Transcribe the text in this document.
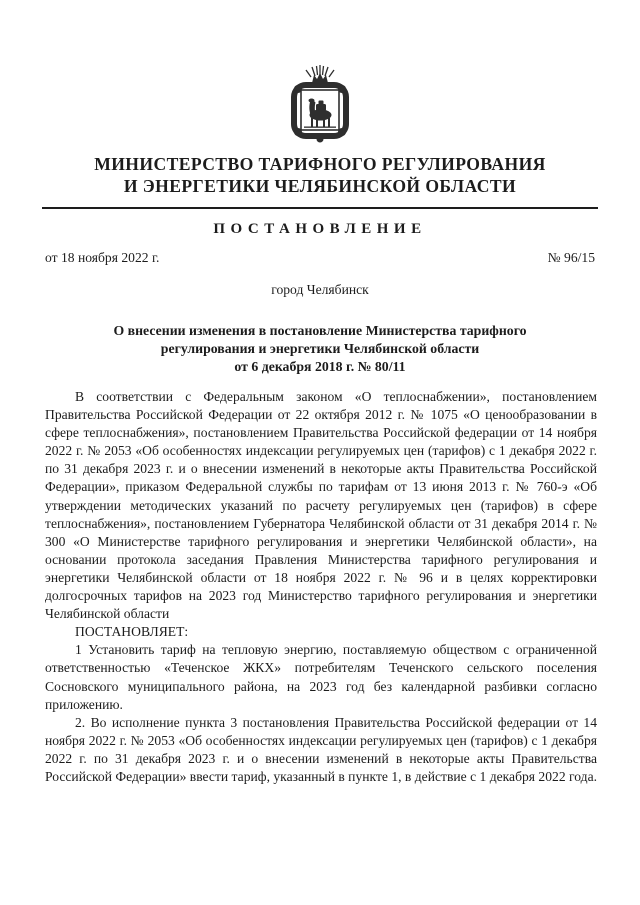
МИНИСТЕРСТВО ТАРИФНОГО РЕГУЛИРОВАНИЯ
И ЭНЕРГЕТИКИ ЧЕЛЯБИНСКОЙ ОБЛАСТИ
ПОСТАНОВЛЕНИЕ
от 18 ноября 2022 г.	№ 96/15
город Челябинск
О внесении изменения в постановление Министерства тарифного
регулирования и энергетики Челябинской области
от 6 декабря 2018 г. № 80/11

В соответствии с Федеральным законом «О теплоснабжении», постановлением Правительства Российской Федерации от 22 октября 2012 г. № 1075 «О ценообразовании в сфере теплоснабжения», постановлением Правительства Российской федерации от 14 ноября 2022 г. № 2053 «Об особенностях индексации регулируемых цен (тарифов) с 1 декабря 2022 г. по 31 декабря 2023 г. и о внесении изменений в некоторые акты Правительства Российской Федерации», приказом Федеральной службы по тарифам от 13 июня 2013 г. № 760-э «Об утверждении методических указаний по расчету регулируемых цен (тарифов) в сфере теплоснабжения», постановлением Губернатора Челябинской области от 31 декабря 2014 г. № 300 «О Министерстве тарифного регулирования и энергетики Челябинской области», на основании протокола заседания Правления Министерства тарифного регулирования и энергетики Челябинской области от 18 ноября 2022 г. № 96 и в целях корректировки долгосрочных тарифов на 2023 год Министерство тарифного регулирования и энергетики Челябинской области

ПОСТАНОВЛЯЕТ:

1 Установить тариф на тепловую энергию, поставляемую обществом с ограниченной ответственностью «Теченское ЖКХ» потребителям Теченского сельского поселения Сосновского муниципального района, на 2023 год без календарной разбивки согласно приложению.

2. Во исполнение пункта 3 постановления Правительства Российской федерации от 14 ноября 2022 г. № 2053 «Об особенностях индексации регулируемых цен (тарифов) с 1 декабря 2022 г. по 31 декабря 2023 г. и о внесении изменений в некоторые акты Правительства Российской Федерации» ввести тариф, указанный в пункте 1, в действие с 1 декабря 2022 года.
